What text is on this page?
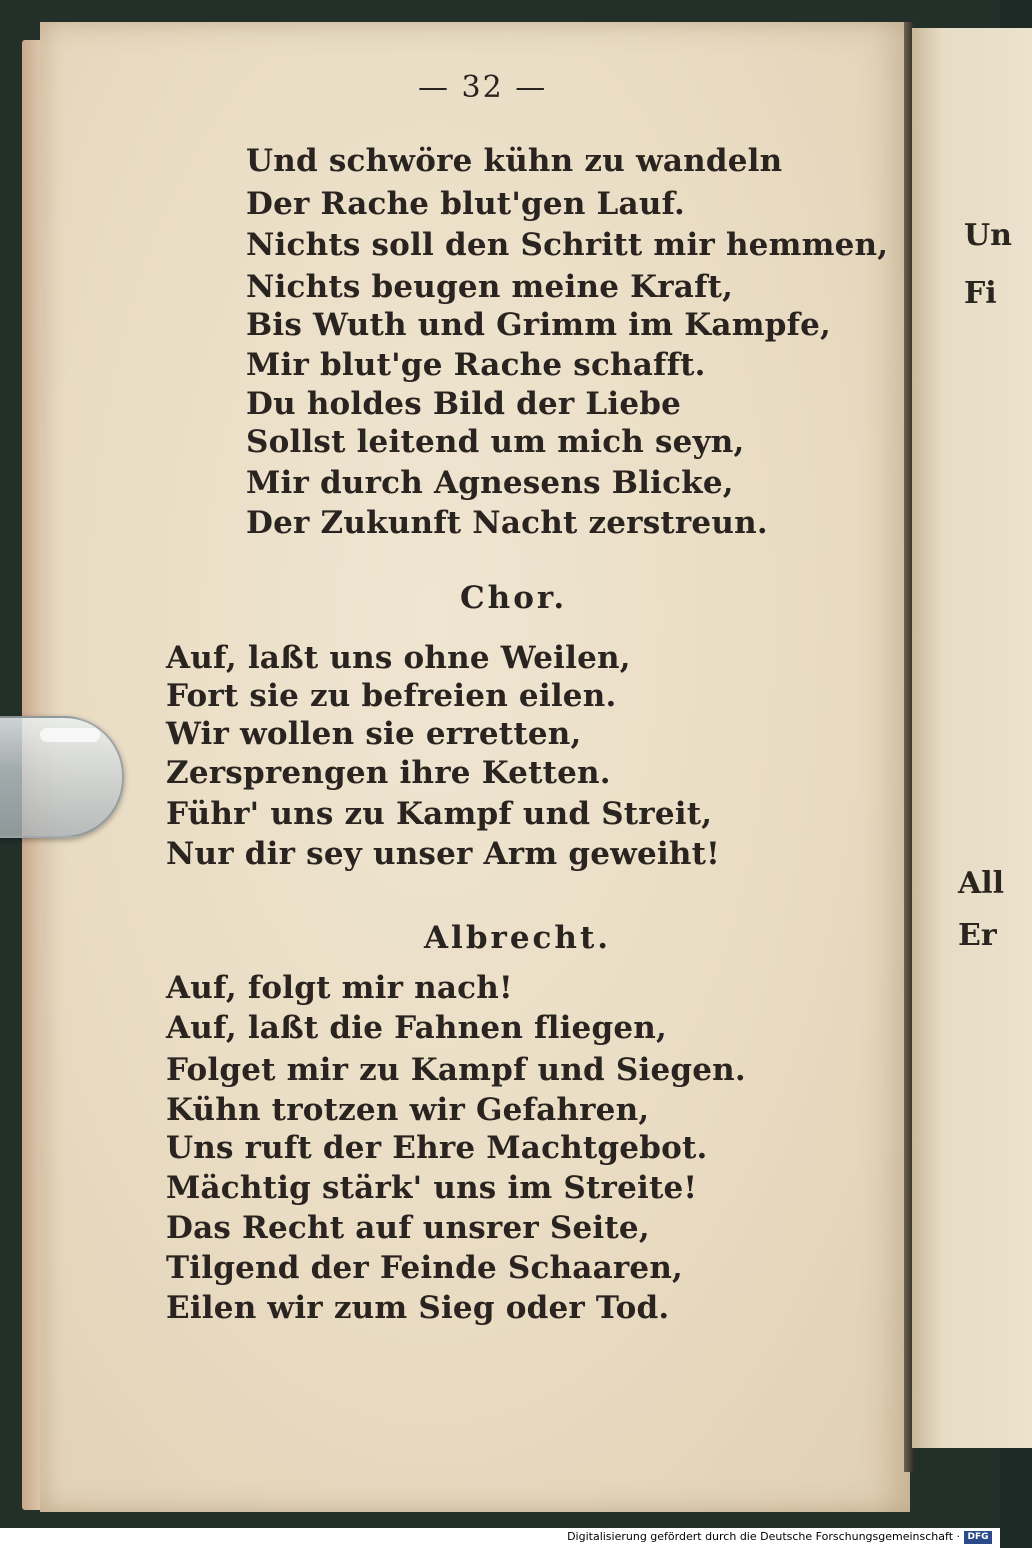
Un
Fi
All
Er
— 32 —
Und schwöre kühn zu wandeln
Der Rache blut'gen Lauf.
Nichts soll den Schritt mir hemmen,
Nichts beugen meine Kraft,
Bis Wuth und Grimm im Kampfe,
Mir blut'ge Rache schafft.
Du holdes Bild der Liebe
Sollst leitend um mich seyn,
Mir durch Agnesens Blicke,
Der Zukunft Nacht zerstreun.
Chor.
Auf, laßt uns ohne Weilen,
Fort sie zu befreien eilen.
Wir wollen sie erretten,
Zersprengen ihre Ketten.
Führ' uns zu Kampf und Streit,
Nur dir sey unser Arm geweiht!
Albrecht.
Auf, folgt mir nach!
Auf, laßt die Fahnen fliegen,
Folget mir zu Kampf und Siegen.
Kühn trotzen wir Gefahren,
Uns ruft der Ehre Machtgebot.
Mächtig stärk' uns im Streite!
Das Recht auf unsrer Seite,
Tilgend der Feinde Schaaren,
Eilen wir zum Sieg oder Tod.
Digitalisierung gefördert durch die Deutsche Forschungsgemeinschaft · DFG
